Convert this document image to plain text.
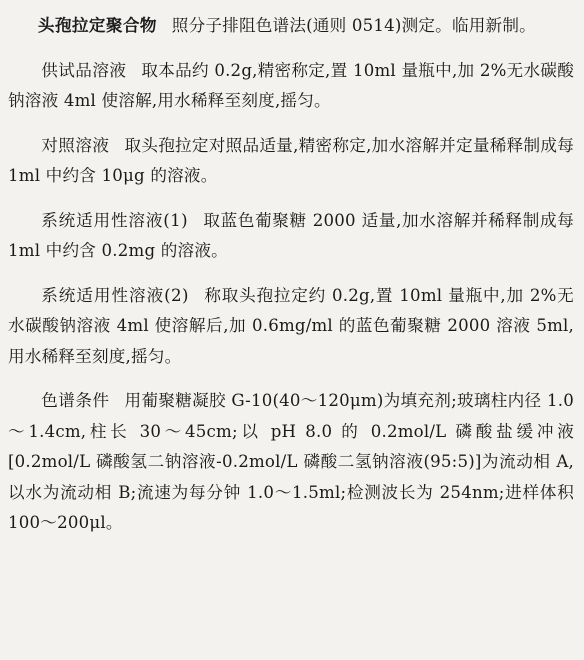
头孢拉定聚合物 照分子排阻色谱法(通则 0514)测定。临用新制。

供试品溶液 取本品约 0.2g,精密称定,置 10ml 量瓶中,加 2%无水碳酸钠溶液 4ml 使溶解,用水稀释至刻度,摇匀。

对照溶液 取头孢拉定对照品适量,精密称定,加水溶解并定量稀释制成每 1ml 中约含 10μg 的溶液。

系统适用性溶液(1) 取蓝色葡聚糖 2000 适量,加水溶解并稀释制成每 1ml 中约含 0.2mg 的溶液。

系统适用性溶液(2) 称取头孢拉定约 0.2g,置 10ml 量瓶中,加 2%无水碳酸钠溶液 4ml 使溶解后,加 0.6mg/ml 的蓝色葡聚糖 2000 溶液 5ml,用水稀释至刻度,摇匀。

色谱条件 用葡聚糖凝胶 G-10(40～120μm)为填充剂;玻璃柱内径 1.0～1.4cm,柱长 30～45cm;以 pH 8.0 的 0.2mol/L 磷酸盐缓冲液[0.2mol/L 磷酸氢二钠溶液-0.2mol/L 磷酸二氢钠溶液(95:5)]为流动相 A,以水为流动相 B;流速为每分钟 1.0～1.5ml;检测波长为 254nm;进样体积 100～200μl。
